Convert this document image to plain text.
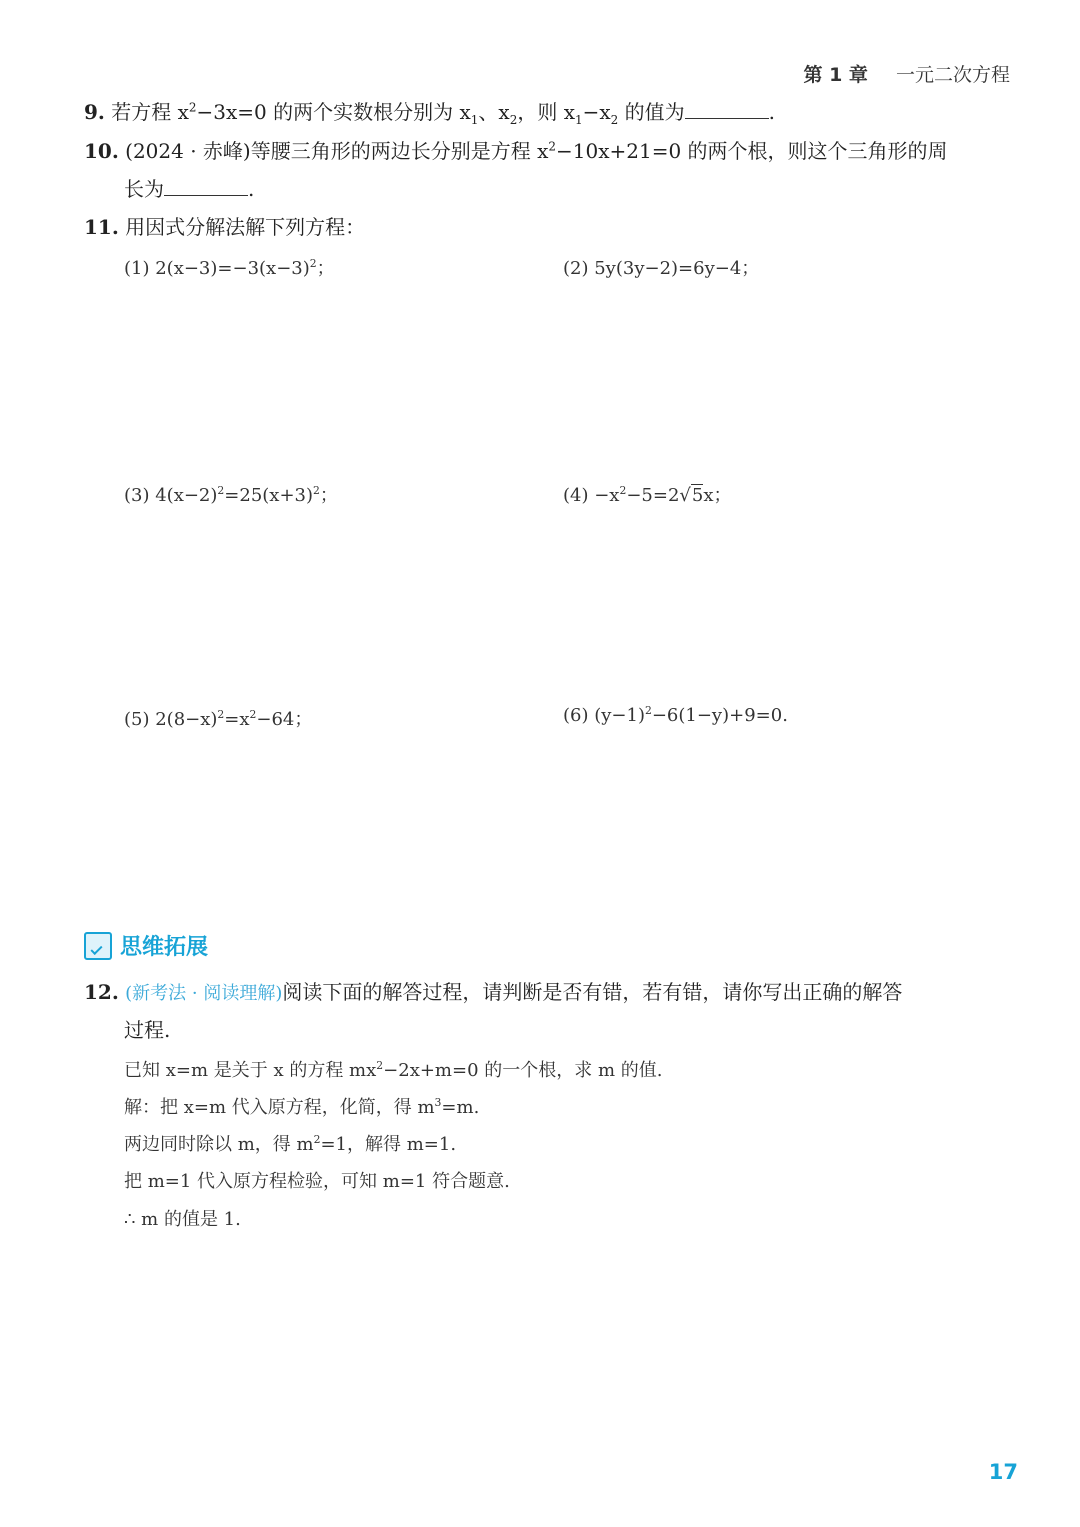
第 1 章 一元二次方程
9. 若方程 $x^2-3x=0$ 的两个实数根分别为 $x_1$、$x_2$，则 $x_1-x_2$ 的值为	.
10. (2024 · 赤峰)等腰三角形的两边长分别是方程 $x^2-10x+21=0$ 的两个根，则这个三角形的周
长为	.
11. 用因式分解法解下列方程：
(1) $2(x-3)=-3(x-3)^2$；	(2) 5y(3y−2)=6y−4；
(3) $4(x-2)^2=25(x+3)^2$；	$(4) -x^2-5=2√5x$；
(5) $2(8-x)^2=x^2-64$；	(6) $(y-1)^2-6(1-y)+9=0$.
思维拓展
12. (新考法 · 阅读理解)阅读下面的解答过程，请判断是否有错，若有错，请你写出正确的解答
过程.
已知 x=m 是关于 x 的方程 $mx^2-2x+m=0$ 的一个根，求 m 的值.
解：把 x=m 代入原方程，化简，得 $m^3=m$.
两边同时除以 m，得 $m^2=1$，解得 m=1.
把 m=1 代入原方程检验，可知 m=1 符合题意.
∴ m 的值是 1.
17
